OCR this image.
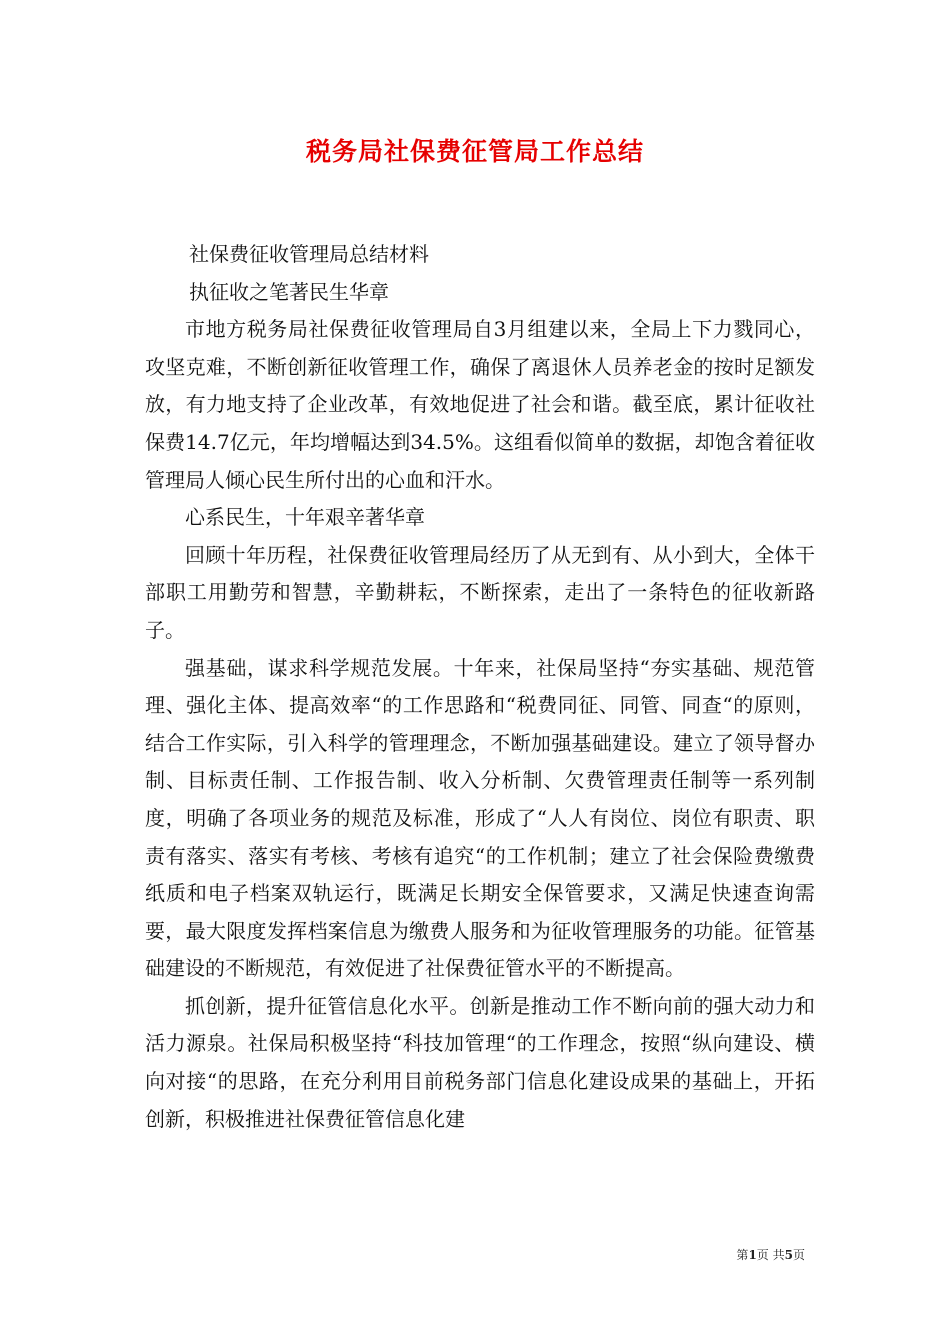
税务局社保费征管局工作总结

社保费征收管理局总结材料

执征收之笔著民生华章

市地方税务局社保费征收管理局自3月组建以来，全局上下力戮同心，攻坚克难，不断创新征收管理工作，确保了离退休人员养老金的按时足额发放，有力地支持了企业改革，有效地促进了社会和谐。截至底，累计征收社保费14.7亿元，年均增幅达到34.5%。这组看似简单的数据，却饱含着征收管理局人倾心民生所付出的心血和汗水。

心系民生，十年艰辛著华章

回顾十年历程，社保费征收管理局经历了从无到有、从小到大，全体干部职工用勤劳和智慧，辛勤耕耘，不断探索，走出了一条特色的征收新路子。

强基础，谋求科学规范发展。十年来，社保局坚持“夯实基础、规范管理、强化主体、提高效率“的工作思路和“税费同征、同管、同查“的原则，结合工作实际，引入科学的管理理念，不断加强基础建设。建立了领导督办制、目标责任制、工作报告制、收入分析制、欠费管理责任制等一系列制度，明确了各项业务的规范及标准，形成了“人人有岗位、岗位有职责、职责有落实、落实有考核、考核有追究“的工作机制；建立了社会保险费缴费纸质和电子档案双轨运行，既满足长期安全保管要求，又满足快速查询需要，最大限度发挥档案信息为缴费人服务和为征收管理服务的功能。征管基础建设的不断规范，有效促进了社保费征管水平的不断提高。

抓创新，提升征管信息化水平。创新是推动工作不断向前的强大动力和活力源泉。社保局积极坚持“科技加管理“的工作理念，按照“纵向建设、横向对接“的思路，在充分利用目前税务部门信息化建设成果的基础上，开拓创新，积极推进社保费征管信息化建

第1页 共5页
